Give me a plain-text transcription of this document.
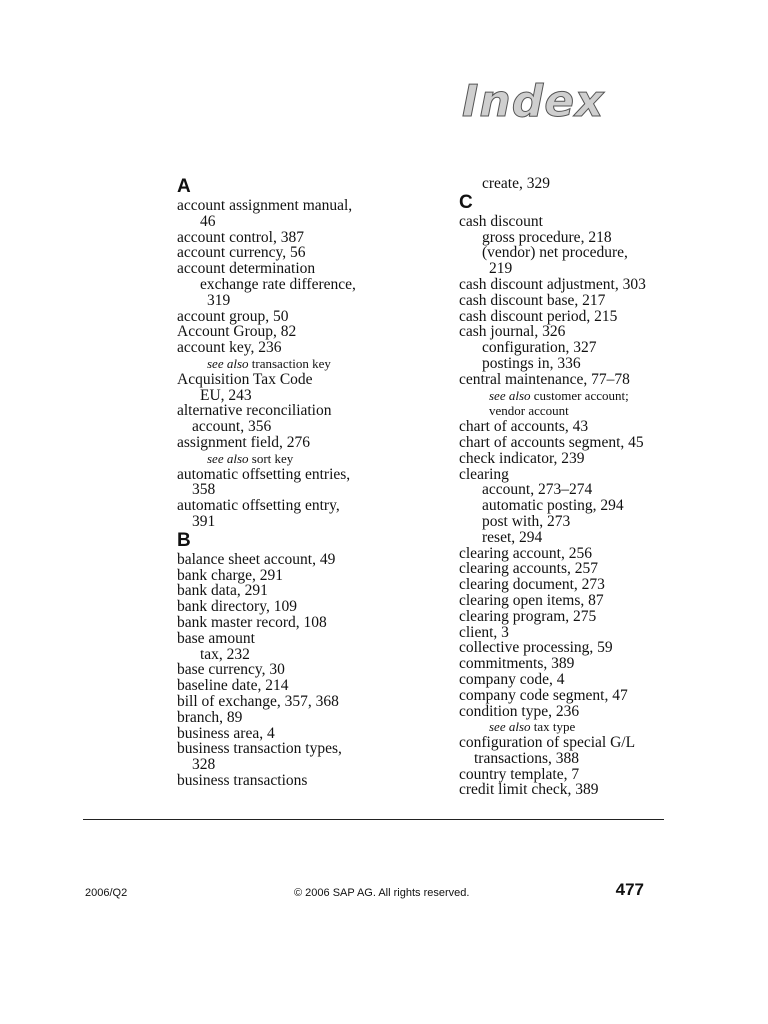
Index
A
account assignment manual,
46
account control, 387
account currency, 56
account determination
exchange rate difference,
319
account group, 50
Account Group, 82
account key, 236
see also transaction key
Acquisition Tax Code
EU, 243
alternative reconciliation
account, 356
assignment field, 276
see also sort key
automatic offsetting entries,
358
automatic offsetting entry,
391
B
balance sheet account, 49
bank charge, 291
bank data, 291
bank directory, 109
bank master record, 108
base amount
tax, 232
base currency, 30
baseline date, 214
bill of exchange, 357, 368
branch, 89
business area, 4
business transaction types,
328
business transactions
create, 329
C
cash discount
gross procedure, 218
(vendor) net procedure,
219
cash discount adjustment, 303
cash discount base, 217
cash discount period, 215
cash journal, 326
configuration, 327
postings in, 336
central maintenance, 77–78
see also customer account;
vendor account
chart of accounts, 43
chart of accounts segment, 45
check indicator, 239
clearing
account, 273–274
automatic posting, 294
post with, 273
reset, 294
clearing account, 256
clearing accounts, 257
clearing document, 273
clearing open items, 87
clearing program, 275
client, 3
collective processing, 59
commitments, 389
company code, 4
company code segment, 47
condition type, 236
see also tax type
configuration of special G/L
transactions, 388
country template, 7
credit limit check, 389
2006/Q2	© 2006 SAP AG. All rights reserved.	477
